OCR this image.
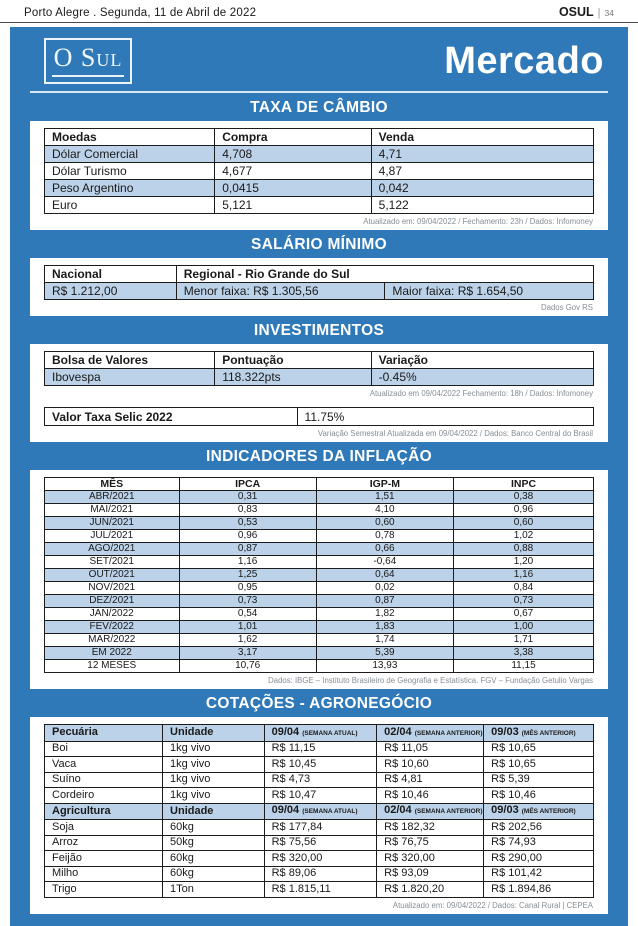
Porto Alegre . Segunda, 11 de Abril de 2022	OSUL | 34
O Sul	Mercado
TAXA DE CÂMBIO
Moedas	Compra	Venda
Dólar Comercial	4,708	4,71
Dólar Turismo	4,677	4,87
Peso Argentino	0,0415	0,042
Euro	5,121	5,122
Atualizado em: 09/04/2022 / Fechamento: 23h / Dados: Infomoney
SALÁRIO MÍNIMO
Nacional	Regional - Rio Grande do Sul	
R$ 1.212,00	Menor faixa: R$ 1.305,56	Maior faixa: R$ 1.654,50
Dados Gov RS
INVESTIMENTOS
Bolsa de Valores	Pontuação	Variação
Ibovespa	118.322pts	-0.45%
Atualizado em 09/04/2022 Fechamento: 18h / Dados: Infomoney
Valor Taxa Selic 2022	11.75%
Variação Semestral Atualizada em 09/04/2022 / Dados: Banco Central do Brasil
INDICADORES DA INFLAÇÃO
MÊS	IPCA	IGP-M	INPC
ABR/2021	0,31	1,51	0,38
MAI/2021	0,83	4,10	0,96
JUN/2021	0,53	0,60	0,60
JUL/2021	0,96	0,78	1,02
AGO/2021	0,87	0,66	0,88
SET/2021	1,16	-0,64	1,20
OUT/2021	1,25	0,64	1,16
NOV/2021	0,95	0,02	0,84
DEZ/2021	0,73	0,87	0,73
JAN/2022	0,54	1,82	0,67
FEV/2022	1,01	1,83	1,00
MAR/2022	1,62	1,74	1,71
EM 2022	3,17	5,39	3,38
12 MESES	10,76	13,93	11,15
Dados: IBGE – Instituto Brasileiro de Geografia e Estatística. FGV – Fundação Getulio Vargas
COTAÇÕES - AGRONEGÓCIO
Pecuária	Unidade	09/04 (SEMANA ATUAL)	02/04 (SEMANA ANTERIOR)	09/03 (MÊS ANTERIOR)
Boi	1kg vivo	R$ 11,15	R$ 11,05	R$ 10,65
Vaca	1kg vivo	R$ 10,45	R$ 10,60	R$ 10,65
Suíno	1kg vivo	R$ 4,73	R$ 4,81	R$ 5,39
Cordeiro	1kg vivo	R$ 10,47	R$ 10,46	R$ 10,46
Agricultura	Unidade	09/04 (SEMANA ATUAL)	02/04 (SEMANA ANTERIOR)	09/03 (MÊS ANTERIOR)
Soja	60kg	R$ 177,84	R$ 182,32	R$ 202,56
Arroz	50kg	R$ 75,56	R$ 76,75	R$ 74,93
Feijão	60kg	R$ 320,00	R$ 320,00	R$ 290,00
Milho	60kg	R$ 89,06	R$ 93,09	R$ 101,42
Trigo	1Ton	R$ 1.815,11	R$ 1.820,20	R$ 1.894,86
Atualizado em: 09/04/2022 / Dados: Canal Rural | CEPEA
